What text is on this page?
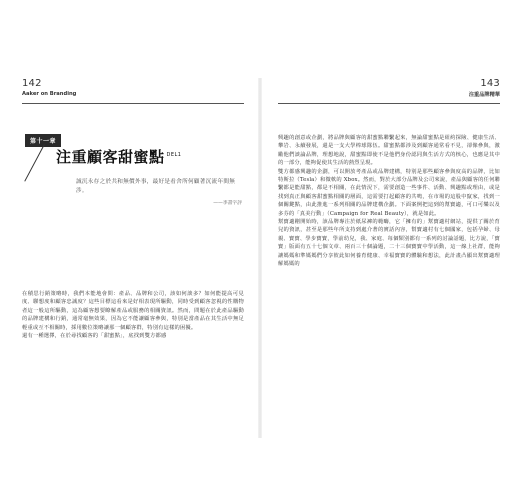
142
Aaker on Branding
第十一章
注重顧客甜蜜點 $^{DEL1}$
誠沉永存之於共和無價外事，最好是看舍所何顧著沉流年間無涉。
——李書字評

在積思行銷策略時，我們本能地會問：產品、品牌和公司，該如何談多？如何能提高可見度、聯想度和顧客忠誠度？這些目標這看來是好相表現所驅動，同時受到顧客忽視的性購物者這一般這所驅動，這為顧客想要瞭解產品或服務的相關資訊。然而，問題在於此產品驅動的品牌建構和行銷，通常毫無效果，因為它不能讓顧客參與，特別是當產品在其生活中無足輕重或互不相關時，採用數位策略讓那一個顧客群，特別有這樣的困擾。

還有一種選擇，在於尋找顧客的「甜蜜點」，底找到雙方都感

143
注重品牌精華

興趣的創意或企劃，將品牌與顧客的甜蜜點聯繫起來，無論甜蜜點是紐約探險、健康生活、攀岩、永續發展，還是一支大學棒球隊伍。甜蜜點都涉及到顧客通常看不見，卻像參與，激勵他們談論品牌，理想地說，甜蜜點即使不是他們身份認同與生活方式的核心，也應是其中的一部分，能夠促使其生活的熱烈呈現。

雙方都感興趣的企劃，可以開放考產品或品牌建構，特別是那些顧客參與度高的品牌，比如特斯拉（Tesla）和微軟的 Xbox。然而，對於大部分品牌及公司來說，產品與顧客的任何聯繫都是能甜點，都是不相關，在此情況下，需要創造一些事件、活動、興趣點或理由，或是找到真正與顧客甜蜜點相關的層面，這需要打起顧客的共鳴，在市場的這股中竄家，找到一個關鍵點，由此推進一系列相關的品牌建構企劃。下面案例把這到的幫寶適，可口可樂以及多芬的「真美行動」（Campaign for Real Beauty），就是如此。

幫寶適剛開始時，該品牌專注於紙尿褲的範疇，它「擁有的」幫寶適村網站，提供了關於育兒的資訊，甚至是那些年所支持到處介著的實話內容，幫寶適村有七個國家，包括孕婦、母親、寶寶、學步寶寶，學前幼兒，我、家庭、每個類別都有一系列的討論話題，比方說，「寶寶」版面有五十七個文章、兩百三十個論題，二十三個寶寶中學活動，這一線上社群，能夠讓媽媽和準媽媽們分享彼此如何養育健康、幸福寶寶的體驗和想法，此計畫凸顯出幫寶適理解媽媽的
